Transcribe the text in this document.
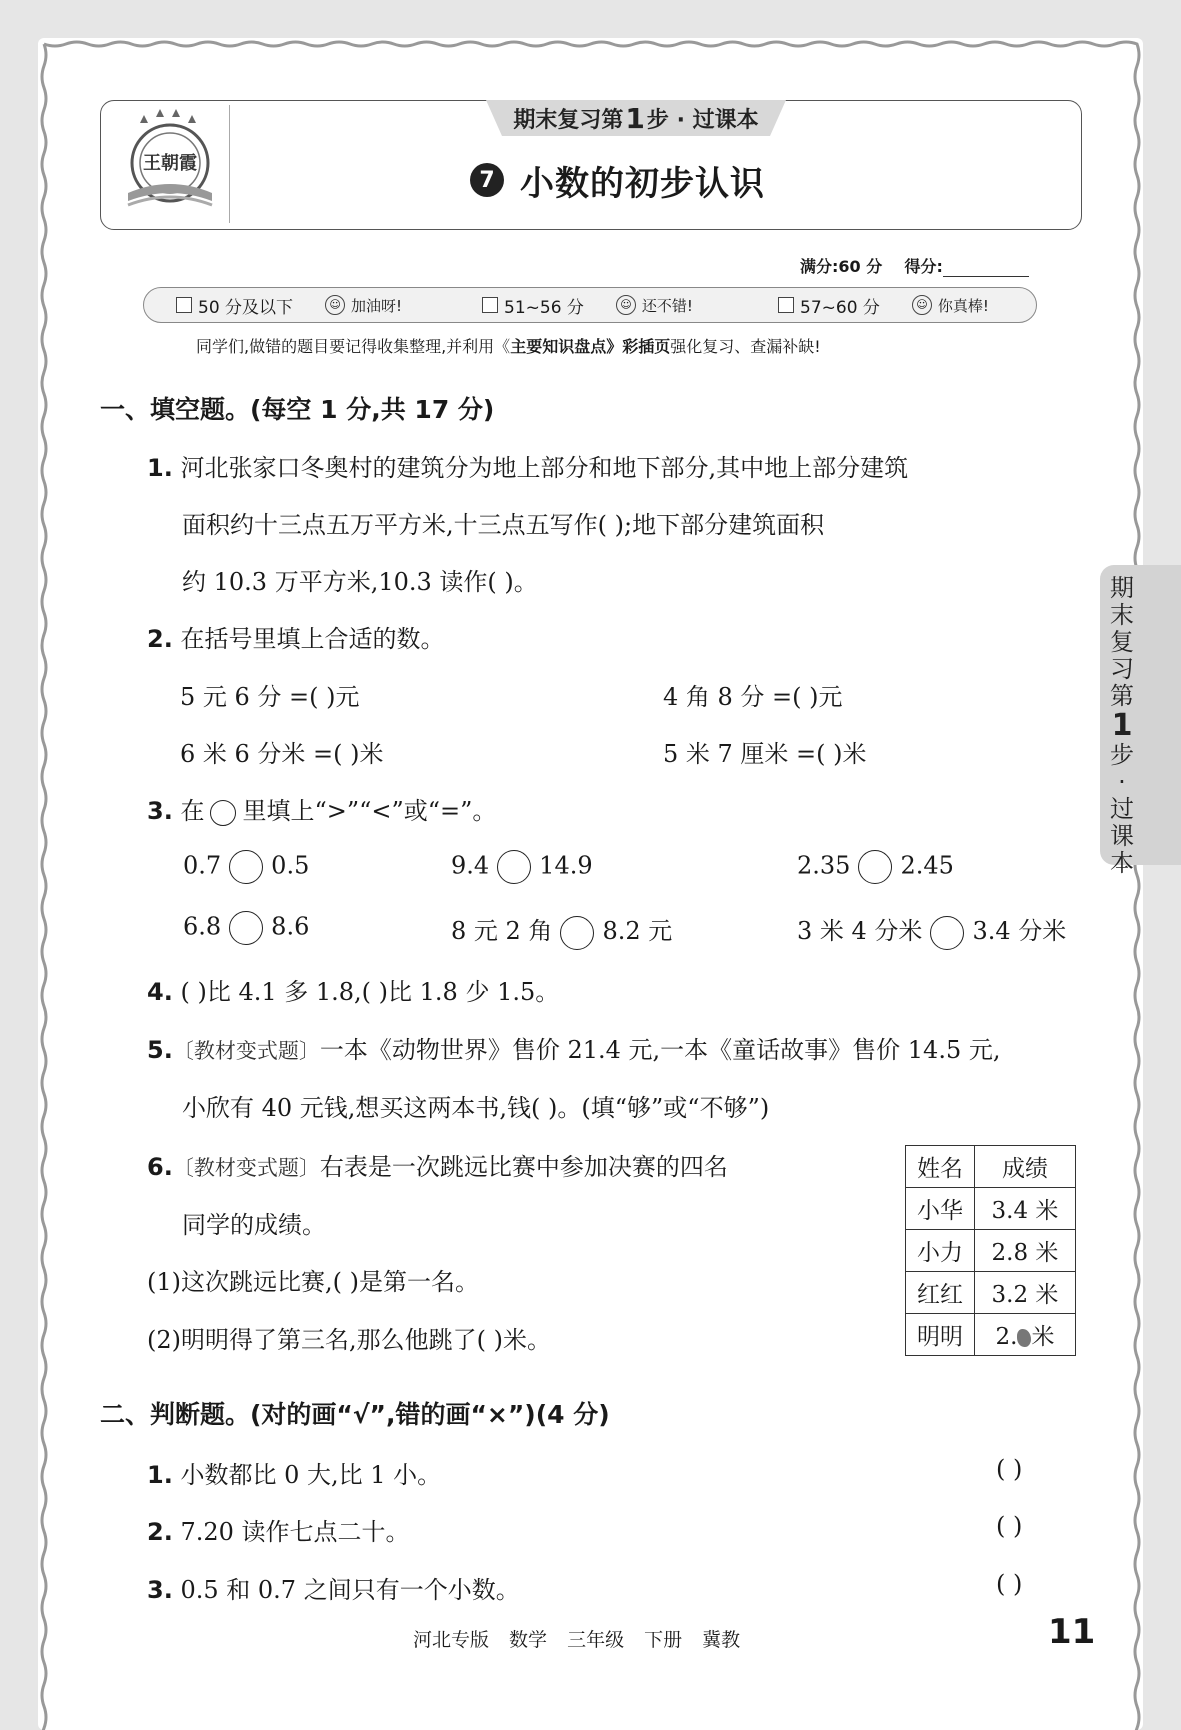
王朝霞
期末复习第 1 步 · 过课本
7 小数的初步认识
满分:60 分 得分:
50 分及以下	☺ 加油呀!	51~56 分	☺ 还不错!	57~60 分	☺ 你真棒!
同学们,做错的题目要记得收集整理,并利用《主要知识盘点》彩插页强化复习、查漏补缺!
一、填空题。(每空 1 分,共 17 分)
1. 河北张家口冬奥村的建筑分为地上部分和地下部分,其中地上部分建筑
面积约十三点五万平方米,十三点五写作( );地下部分建筑面积
约 10.3 万平方米,10.3 读作( )。
2. 在括号里填上合适的数。
5 元 6 分 =( )元	4 角 8 分 =( )元
6 米 6 分米 =( )米	5 米 7 厘米 =( )米
3. 在 里填上“>”“<”或“=”。
0.7 0.5	9.4 14.9	2.35 2.45
6.8 8.6	8 元 2 角 8.2 元	3 米 4 分米 3.4 分米
4. ( )比 4.1 多 1.8,( )比 1.8 少 1.5。
5.〔教材变式题〕一本《动物世界》售价 21.4 元,一本《童话故事》售价 14.5 元,
小欣有 40 元钱,想买这两本书,钱( )。(填“够”或“不够”)
6.〔教材变式题〕右表是一次跳远比赛中参加决赛的四名
同学的成绩。
(1)这次跳远比赛,( )是第一名。
(2)明明得了第三名,那么他跳了( )米。
姓名	成绩
小华	3.4 米
小力	2.8 米
红红	3.2 米
明明	2. 米
二、判断题。(对的画“√”,错的画“×”)(4 分)
1. 小数都比 0 大,比 1 小。	( )
2. 7.20 读作七点二十。	( )
3. 0.5 和 0.7 之间只有一个小数。	( )
期
末
复
习
第
1
步
·
过
课
本
河北专版 数学 三年级 下册 冀教	11
